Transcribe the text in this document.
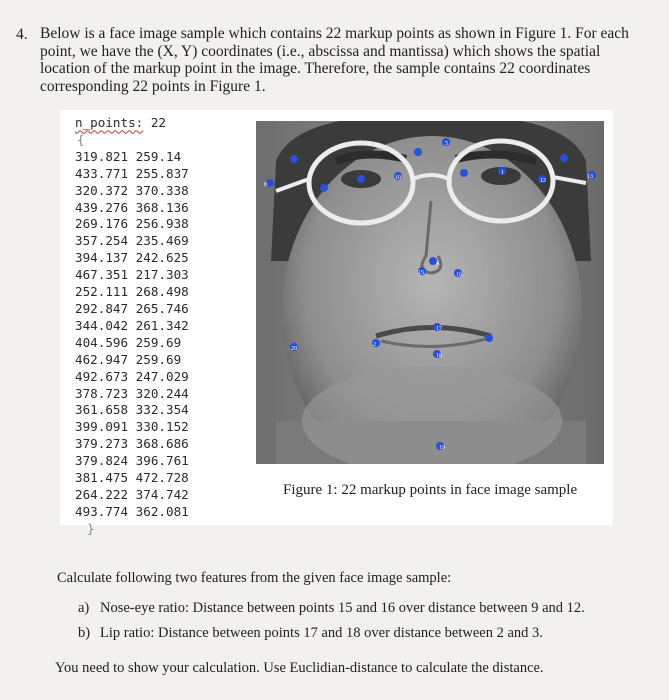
4. Below is a face image sample which contains 22 markup points as shown in Figure 1. For each point, we have the (X, Y) coordinates (i.e., abscissa and mantissa) which shows the spatial location of the markup point in the image. Therefore, the sample contains 22 coordinates corresponding 22 points in Figure 1.
n_points: 22
{
319.821 259.14
433.771 255.837
320.372 370.338
439.276 368.136
269.176 256.938
357.254 235.469
394.137 242.625
467.351 217.303
252.111 268.498
292.847 265.746
344.042 261.342
404.596 259.69
462.947 259.69
492.673 247.029
378.723 320.244
361.658 332.354
399.091 330.152
379.273 368.686
379.824 396.761
381.475 472.728
264.222 374.742
493.774 362.081
}
8
5
10
1
12
13
4
15	16
17
2
18
20
19
Figure 1: 22 markup points in face image sample
Calculate following two features from the given face image sample:
a) Nose-eye ratio: Distance between points 15 and 16 over distance between 9 and 12.
b) Lip ratio: Distance between points 17 and 18 over distance between 2 and 3.
You need to show your calculation. Use Euclidian-distance to calculate the distance.
